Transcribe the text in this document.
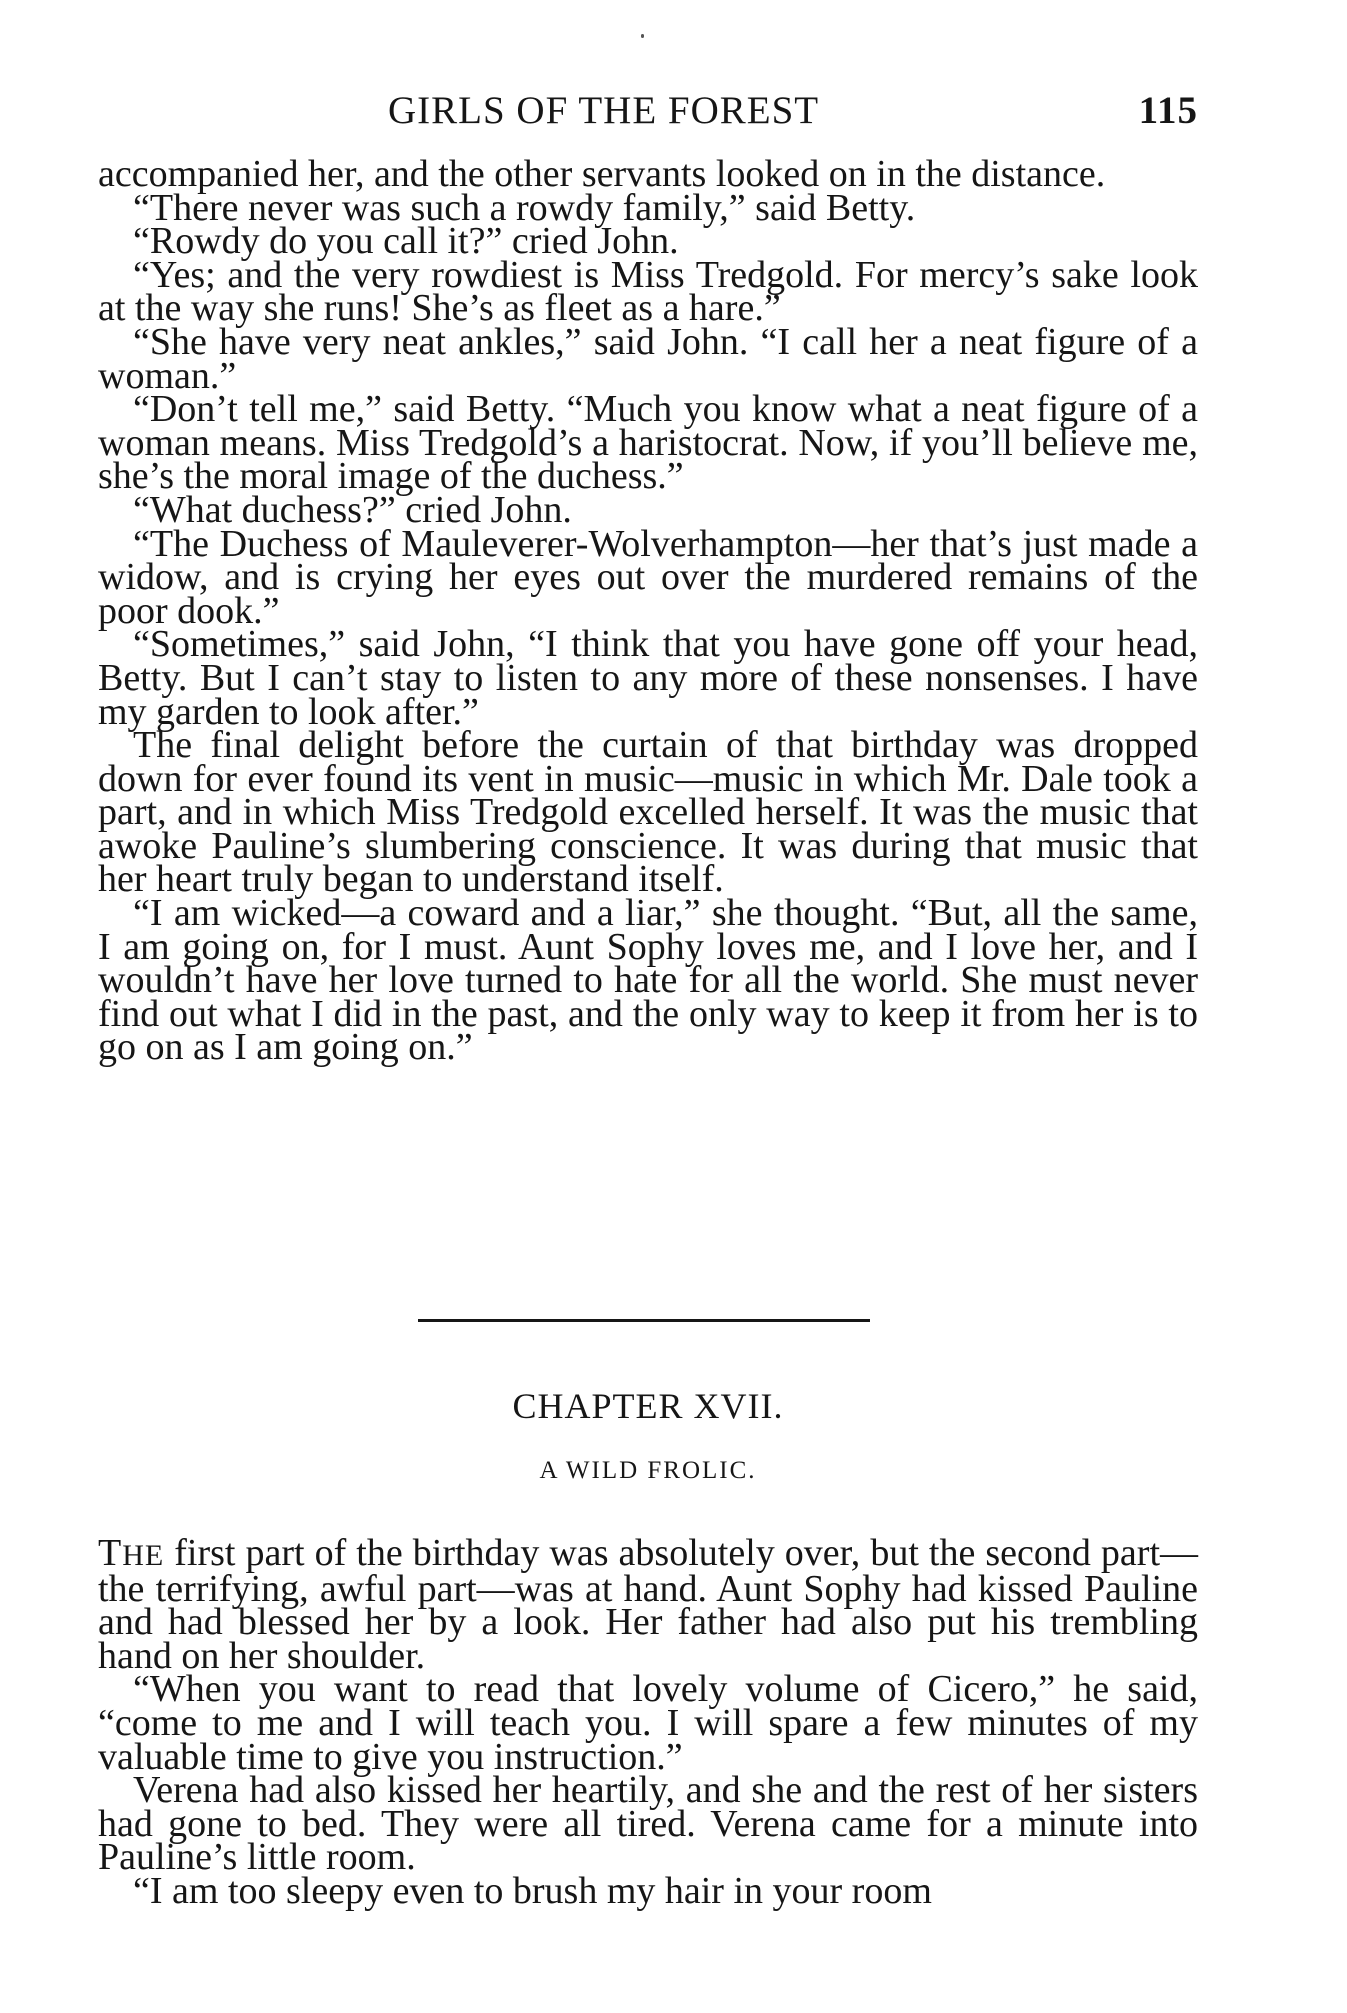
GIRLS OF THE FOREST	115

accompanied her, and the other servants looked on in the distance.

“There never was such a rowdy family,” said Betty.

“Rowdy do you call it?” cried John.

“Yes; and the very rowdiest is Miss Tredgold. For mercy’s sake look at the way she runs! She’s as fleet as a hare.”

“She have very neat ankles,” said John. “I call her a neat figure of a woman.”

“Don’t tell me,” said Betty. “Much you know what a neat figure of a woman means. Miss Tredgold’s a haristocrat. Now, if you’ll believe me, she’s the moral image of the duchess.”

“What duchess?” cried John.

“The Duchess of Mauleverer-Wolverhampton—her that’s just made a widow, and is crying her eyes out over the murdered remains of the poor dook.”

“Sometimes,” said John, “I think that you have gone off your head, Betty. But I can’t stay to listen to any more of these nonsenses. I have my garden to look after.”

The final delight before the curtain of that birthday was dropped down for ever found its vent in music—music in which Mr. Dale took a part, and in which Miss Tredgold excelled herself. It was the music that awoke Pauline’s slumbering conscience. It was during that music that her heart truly began to understand itself.

“I am wicked—a coward and a liar,” she thought. “But, all the same, I am going on, for I must. Aunt Sophy loves me, and I love her, and I wouldn’t have her love turned to hate for all the world. She must never find out what I did in the past, and the only way to keep it from her is to go on as I am going on.”

CHAPTER XVII.
A WILD FROLIC.

THE first part of the birthday was absolutely over, but the second part—the terrifying, awful part—was at hand. Aunt Sophy had kissed Pauline and had blessed her by a look. Her father had also put his trembling hand on her shoulder.

“When you want to read that lovely volume of Cicero,” he said, “come to me and I will teach you. I will spare a few minutes of my valuable time to give you instruction.”

Verena had also kissed her heartily, and she and the rest of her sisters had gone to bed. They were all tired. Verena came for a minute into Pauline’s little room.

“I am too sleepy even to brush my hair in your room
